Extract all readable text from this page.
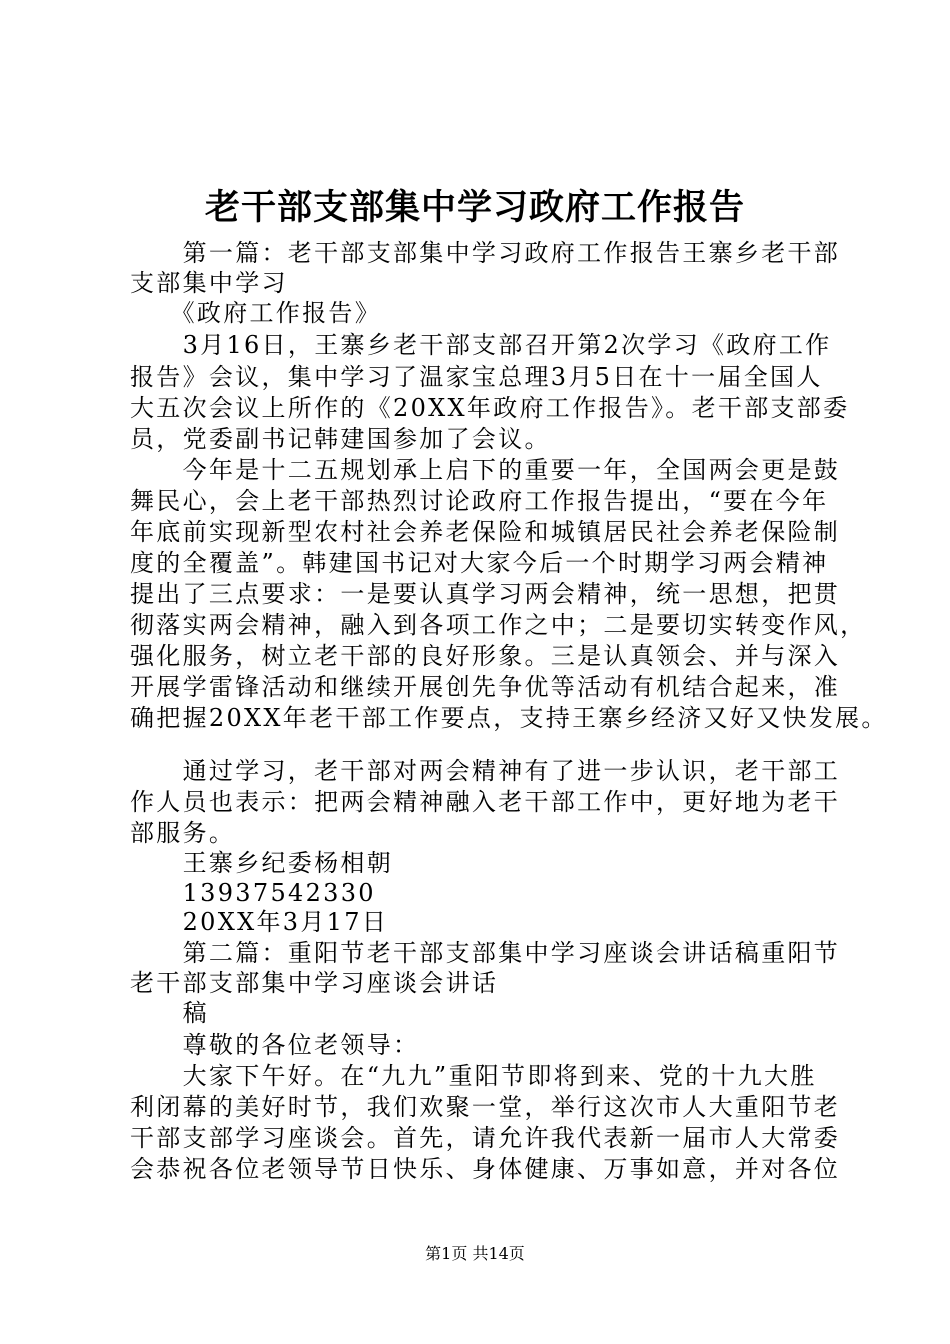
老干部支部集中学习政府工作报告
　　第一篇：老干部支部集中学习政府工作报告王寨乡老干部
支部集中学习
　　《政府工作报告》
　　3月16日，王寨乡老干部支部召开第2次学习《政府工作
报告》会议，集中学习了温家宝总理3月5日在十一届全国人
大五次会议上所作的《20XX年政府工作报告》。老干部支部委
员，党委副书记韩建国参加了会议。
　　今年是十二五规划承上启下的重要一年，全国两会更是鼓
舞民心，会上老干部热烈讨论政府工作报告提出，“要在今年
年底前实现新型农村社会养老保险和城镇居民社会养老保险制
度的全覆盖”。韩建国书记对大家今后一个时期学习两会精神
提出了三点要求：一是要认真学习两会精神，统一思想，把贯
彻落实两会精神，融入到各项工作之中；二是要切实转变作风，
强化服务，树立老干部的良好形象。三是认真领会、并与深入
开展学雷锋活动和继续开展创先争优等活动有机结合起来，准
确把握20XX年老干部工作要点，支持王寨乡经济又好又快发展。
　　通过学习，老干部对两会精神有了进一步认识，老干部工
作人员也表示：把两会精神融入老干部工作中，更好地为老干
部服务。
　　王寨乡纪委杨相朝
　　13937542330
　　20XX年3月17日
　　第二篇：重阳节老干部支部集中学习座谈会讲话稿重阳节
老干部支部集中学习座谈会讲话
　　稿
　　尊敬的各位老领导：
　　大家下午好。在“九九”重阳节即将到来、党的十九大胜
利闭幕的美好时节，我们欢聚一堂，举行这次市人大重阳节老
干部支部学习座谈会。首先，请允许我代表新一届市人大常委
会恭祝各位老领导节日快乐、身体健康、万事如意，并对各位
第1页 共14页
